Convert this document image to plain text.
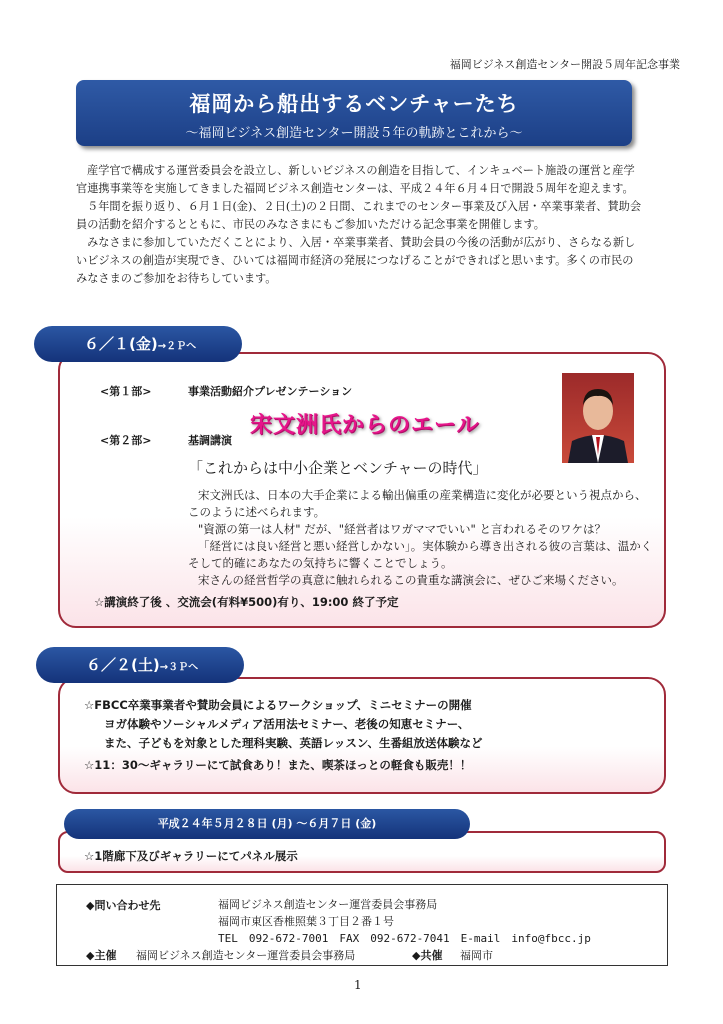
福岡ビジネス創造センター開設５周年記念事業
福岡から船出するベンチャーたち
～福岡ビジネス創造センター開設５年の軌跡とこれから～

産学官で構成する運営委員会を設立し、新しいビジネスの創造を目指して、インキュベート施設の運営と産学官連携事業等を実施してきました福岡ビジネス創造センターは、平成２４年６月４日で開設５周年を迎えます。

５年間を振り返り、６月１日(金)、２日(土)の２日間、これまでのセンター事業及び入居・卒業事業者、賛助会員の活動を紹介するとともに、市民のみなさまにもご参加いただける記念事業を開催します。

みなさまに参加していただくことにより、入居・卒業事業者、賛助会員の今後の活動が広がり、さらなる新しいビジネスの創造が実現でき、ひいては福岡市経済の発展につなげることができればと思います。多くの市民のみなさまのご参加をお待ちしています。

６／１(金)→２Ｐへ
<第１部>	事業活動紹介プレゼンテーション
<第２部>	基調講演
宋文洲氏からのエール
「これからは中小企業とベンチャーの時代」

宋文洲氏は、日本の大手企業による輸出偏重の産業構造に変化が必要という視点から、このように述べられます。

"資源の第一は人材" だが、"経営者はワガママでいい" と言われるそのワケは？

「経営には良い経営と悪い経営しかない」。実体験から導き出される彼の言葉は、温かくそして的確にあなたの気持ちに響くことでしょう。

宋さんの経営哲学の真意に触れられるこの貴重な講演会に、ぜひご来場ください。

☆講演終了後 、交流会(有料¥500)有り、19:00 終了予定
６／２(土)→３Ｐへ
☆FBCC卒業事業者や賛助会員によるワークショップ、ミニセミナーの開催
ヨガ体験やソーシャルメディア活用法セミナー、老後の知恵セミナー、
また、子どもを対象とした理科実験、英語レッスン、生番組放送体験など
☆11：30～ギャラリーにて試食あり！また、喫茶ほっとの軽食も販売！！
平成２４年５月２８日 (月) ～６月７日 (金)
☆1階廊下及びギャラリーにてパネル展示
◆問い合わせ先	福岡ビジネス創造センター運営委員会事務局
福岡市東区香椎照葉３丁目２番１号
TEL　092-672-7001　FAX　092-672-7041　E-mail　info@fbcc.jp
◆主催 福岡ビジネス創造センター運営委員会事務局	◆共催 福岡市
1
